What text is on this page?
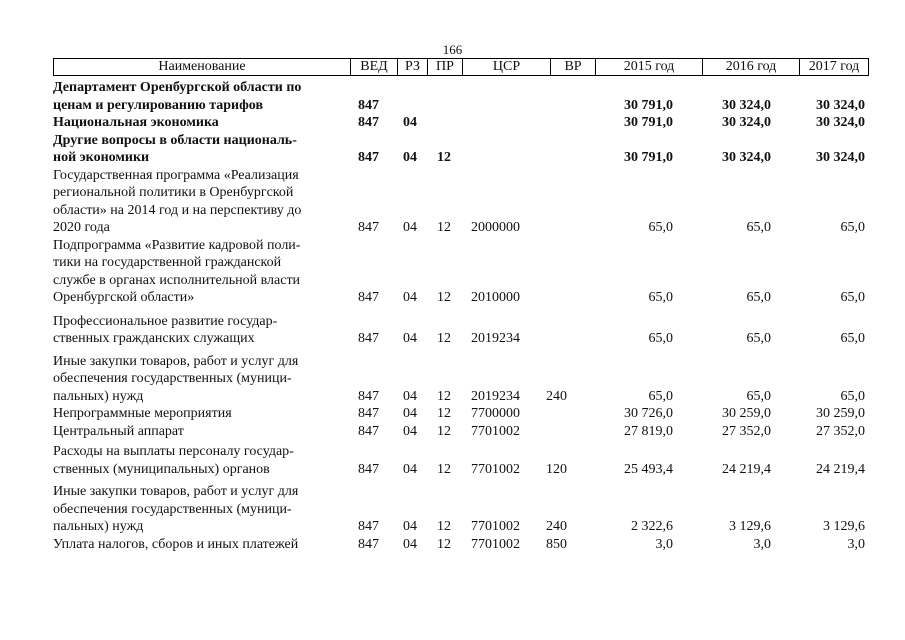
166
Наименование	ВЕД	РЗ	ПР	ЦСР	ВР	2015 год	2016 год	2017 год
Департамент Оренбургской области по
ценам и регулированию тарифов	847	30 791,0	30 324,0	30 324,0
Национальная экономика	847 04	30 791,0	30 324,0	30 324,0
Другие вопросы в области националь-
ной экономики	847 04 12	30 791,0	30 324,0	30 324,0
Государственная программа «Реализация
региональной политики в Оренбургской
области» на 2014 год и на перспективу до
2020 года	847 04 12 2000000	65,0	65,0	65,0
Подпрограмма «Развитие кадровой поли-
тики на государственной гражданской
службе в органах исполнительной власти
Оренбургской области»	847 04 12 2010000	65,0	65,0	65,0
Профессиональное развитие государ-
ственных гражданских служащих	847 04 12 2019234	65,0	65,0	65,0
Иные закупки товаров, работ и услуг для
обеспечения государственных (муници-
пальных) нужд	847 04 12 2019234 240	65,0	65,0	65,0
Непрограммные мероприятия	847 04 12 7700000	30 726,0	30 259,0	30 259,0
Центральный аппарат	847 04 12 7701002	27 819,0	27 352,0	27 352,0
Расходы на выплаты персоналу государ-
ственных (муниципальных) органов	847 04 12 7701002 120	25 493,4	24 219,4	24 219,4
Иные закупки товаров, работ и услуг для
обеспечения государственных (муници-
пальных) нужд	847 04 12 7701002 240	2 322,6	3 129,6	3 129,6
Уплата налогов, сборов и иных платежей	847 04 12 7701002 850	3,0	3,0	3,0
